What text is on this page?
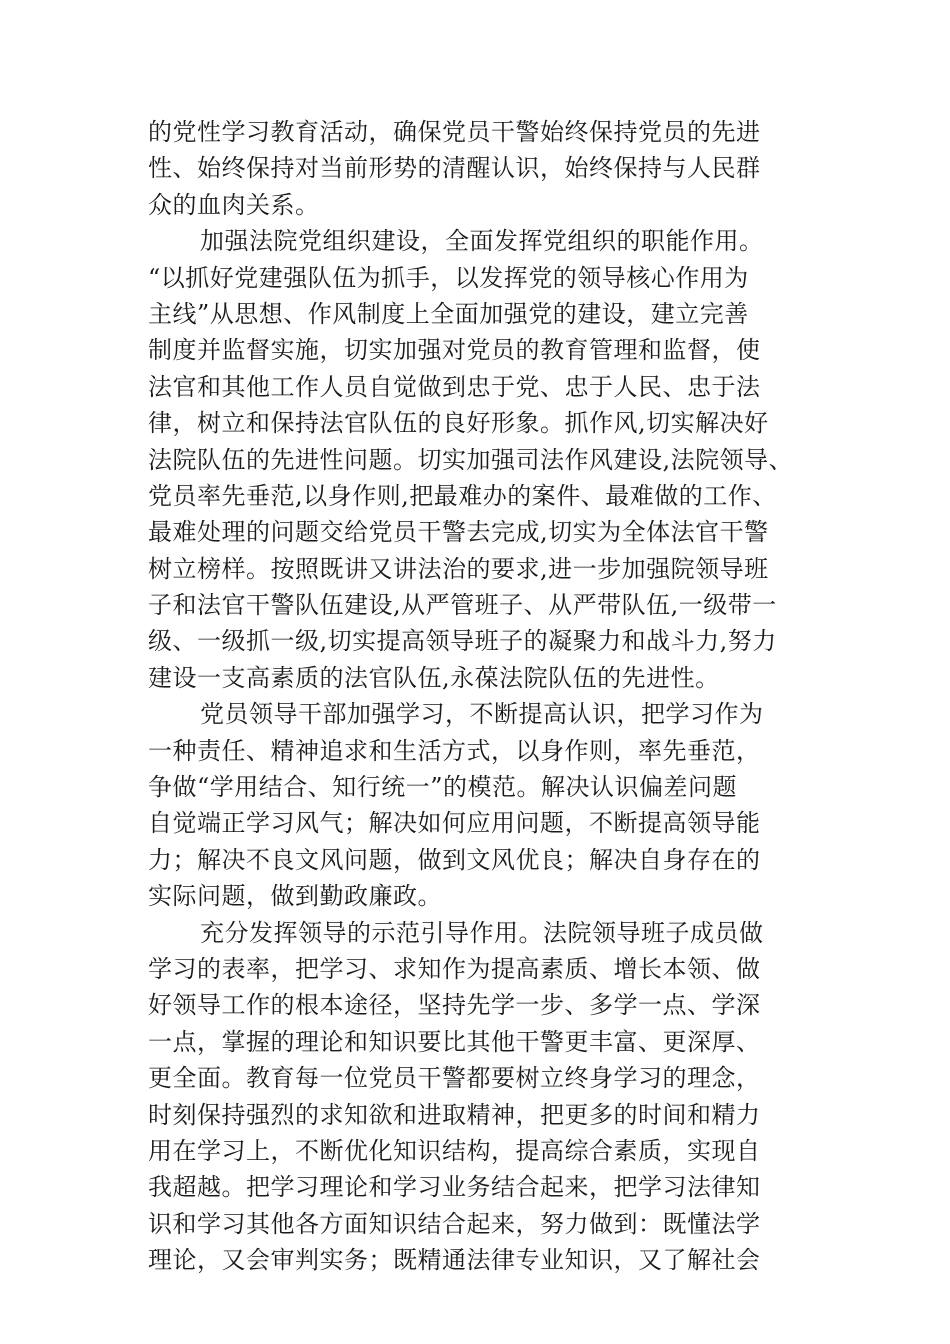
的党性学习教育活动，确保党员干警始终保持党员的先进
性、始终保持对当前形势的清醒认识，始终保持与人民群
众的血肉关系。
加强法院党组织建设，全面发挥党组织的职能作用。
“以抓好党建强队伍为抓手，以发挥党的领导核心作用为
主线”从思想、作风制度上全面加强党的建设，建立完善
制度并监督实施，切实加强对党员的教育管理和监督，使
法官和其他工作人员自觉做到忠于党、忠于人民、忠于法
律，树立和保持法官队伍的良好形象。抓作风,切实解决好
法院队伍的先进性问题。切实加强司法作风建设,法院领导、
党员率先垂范,以身作则,把最难办的案件、最难做的工作、
最难处理的问题交给党员干警去完成,切实为全体法官干警
树立榜样。按照既讲又讲法治的要求,进一步加强院领导班
子和法官干警队伍建设,从严管班子、从严带队伍,一级带一
级、一级抓一级,切实提高领导班子的凝聚力和战斗力,努力
建设一支高素质的法官队伍,永葆法院队伍的先进性。
党员领导干部加强学习，不断提高认识，把学习作为
一种责任、精神追求和生活方式，以身作则，率先垂范，
争做“学用结合、知行统一”的模范。解决认识偏差问题
自觉端正学习风气；解决如何应用问题，不断提高领导能
力；解决不良文风问题，做到文风优良；解决自身存在的
实际问题，做到勤政廉政。
充分发挥领导的示范引导作用。法院领导班子成员做
学习的表率，把学习、求知作为提高素质、增长本领、做
好领导工作的根本途径，坚持先学一步、多学一点、学深
一点，掌握的理论和知识要比其他干警更丰富、更深厚、
更全面。教育每一位党员干警都要树立终身学习的理念，
时刻保持强烈的求知欲和进取精神，把更多的时间和精力
用在学习上，不断优化知识结构，提高综合素质，实现自
我超越。把学习理论和学习业务结合起来，把学习法律知
识和学习其他各方面知识结合起来，努力做到：既懂法学
理论，又会审判实务；既精通法律专业知识，又了解社会
